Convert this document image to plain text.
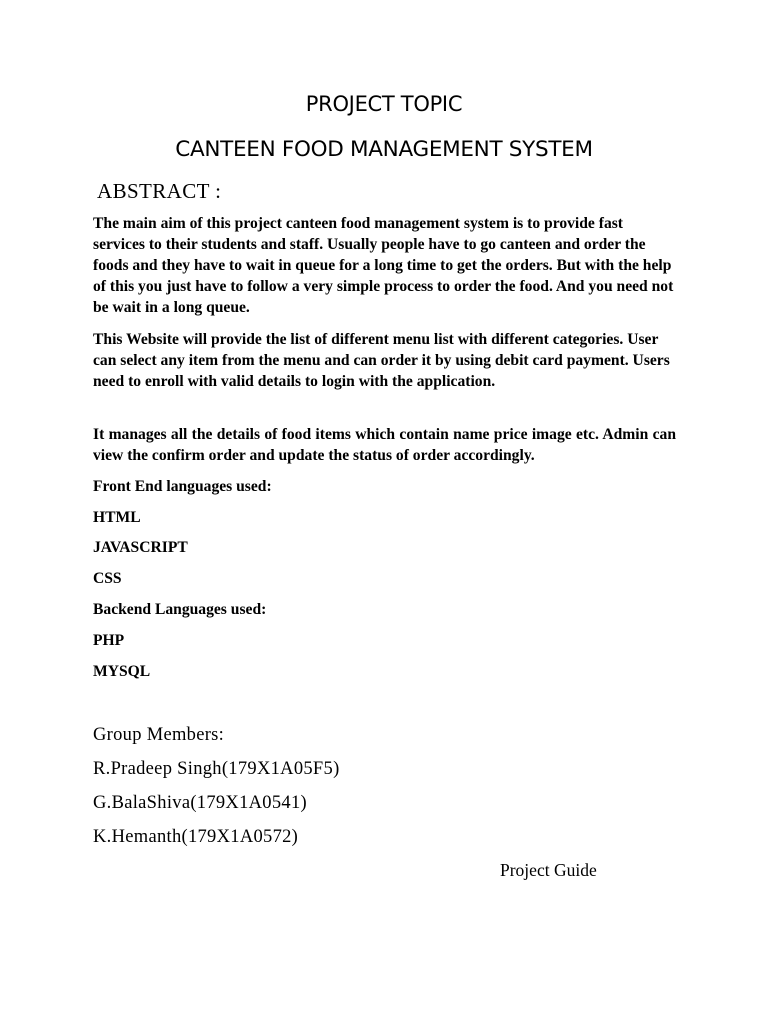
PROJECT TOPIC
CANTEEN FOOD MANAGEMENT SYSTEM
ABSTRACT :

The main aim of this project canteen food management system is to provide fast services to their students and staff. Usually people have to go canteen and order the foods and they have to wait in queue for a long time to get the orders. But with the help of this you just have to follow a very simple process to order the food. And you need not be wait in a long queue.

This Website will provide the list of different menu list with different categories. User can select any item from the menu and can order it by using debit card payment. Users need to enroll with valid details to login with the application.

It manages all the details of food items which contain name price image etc. Admin can view the confirm order and update the status of order accordingly.

Front End languages used:
HTML
JAVASCRIPT
CSS
Backend Languages used:
PHP
MYSQL
Group Members:
R.Pradeep Singh(179X1A05F5)
G.BalaShiva(179X1A0541)
K.Hemanth(179X1A0572)
Project Guide
